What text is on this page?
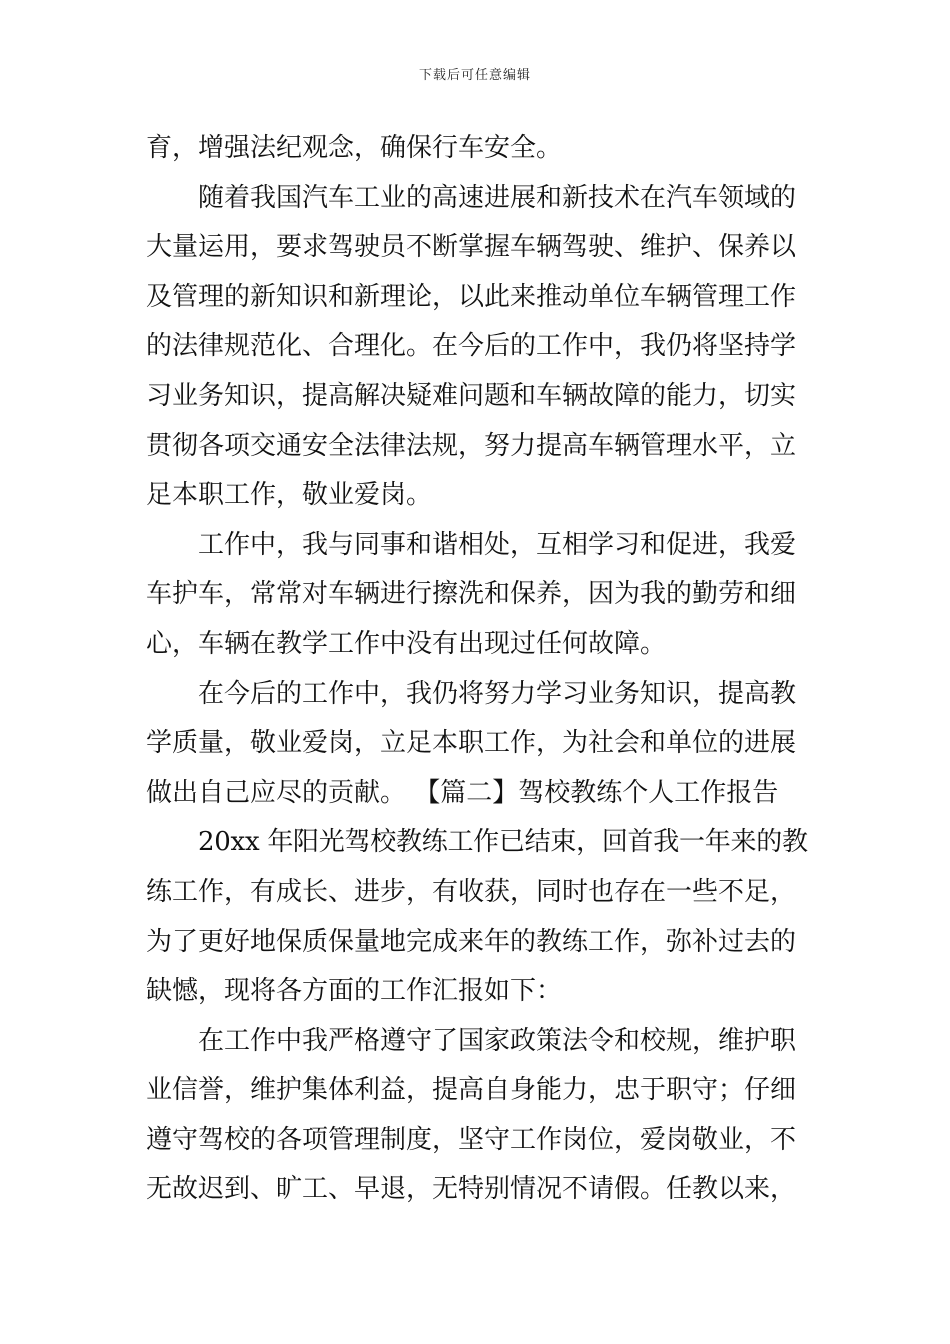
下载后可任意编辑
育，增强法纪观念，确保行车安全。
随着我国汽车工业的高速进展和新技术在汽车领域的
大量运用，要求驾驶员不断掌握车辆驾驶、维护、保养以
及管理的新知识和新理论，以此来推动单位车辆管理工作
的法律规范化、合理化。在今后的工作中，我仍将坚持学
习业务知识，提高解决疑难问题和车辆故障的能力，切实
贯彻各项交通安全法律法规，努力提高车辆管理水平，立
足本职工作，敬业爱岗。
工作中，我与同事和谐相处，互相学习和促进，我爱
车护车，常常对车辆进行擦洗和保养，因为我的勤劳和细
心，车辆在教学工作中没有出现过任何故障。
在今后的工作中，我仍将努力学习业务知识，提高教
学质量，敬业爱岗，立足本职工作，为社会和单位的进展
做出自己应尽的贡献。 【篇二】驾校教练个人工作报告
20xx 年阳光驾校教练工作已结束，回首我一年来的教
练工作，有成长、进步，有收获，同时也存在一些不足，
为了更好地保质保量地完成来年的教练工作，弥补过去的
缺憾，现将各方面的工作汇报如下：
在工作中我严格遵守了国家政策法令和校规，维护职
业信誉，维护集体利益，提高自身能力，忠于职守；仔细
遵守驾校的各项管理制度，坚守工作岗位，爱岗敬业，不
无故迟到、旷工、早退，无特别情况不请假。任教以来，
